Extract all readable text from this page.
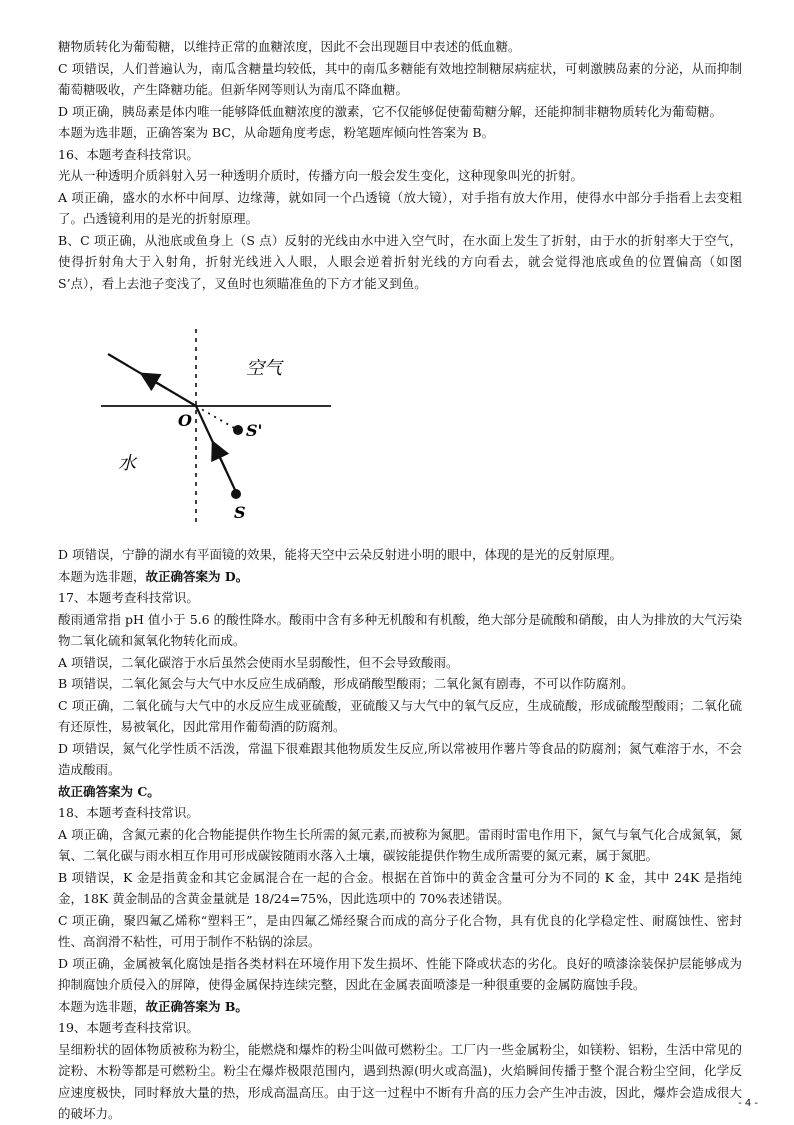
糖物质转化为葡萄糖，以维持正常的血糖浓度，因此不会出现题目中表述的低血糖。

C 项错误，人们普遍认为，南瓜含糖量均较低，其中的南瓜多糖能有效地控制糖尿病症状，可刺激胰岛素的分泌，从而抑制葡萄糖吸收，产生降糖功能。但新华网等则认为南瓜不降血糖。

D 项正确，胰岛素是体内唯一能够降低血糖浓度的激素，它不仅能够促使葡萄糖分解，还能抑制非糖物质转化为葡萄糖。

本题为选非题，正确答案为 BC，从命题角度考虑，粉笔题库倾向性答案为 B。

16、本题考查科技常识。

光从一种透明介质斜射入另一种透明介质时，传播方向一般会发生变化，这种现象叫光的折射。

A 项正确，盛水的水杯中间厚、边缘薄，就如同一个凸透镜（放大镜），对手指有放大作用，使得水中部分手指看上去变粗了。凸透镜利用的是光的折射原理。

B、C 项正确，从池底或鱼身上（S 点）反射的光线由水中进入空气时，在水面上发生了折射，由于水的折射率大于空气，使得折射角大于入射角，折射光线进入人眼，人眼会逆着折射光线的方向看去，就会觉得池底或鱼的位置偏高（如图 S’点），看上去池子变浅了，叉鱼时也须瞄准鱼的下方才能叉到鱼。

空气
水
O
S'
S

D 项错误，宁静的湖水有平面镜的效果，能将天空中云朵反射进小明的眼中，体现的是光的反射原理。

本题为选非题，故正确答案为 D。

17、本题考查科技常识。

酸雨通常指 pH 值小于 5.6 的酸性降水。酸雨中含有多种无机酸和有机酸，绝大部分是硫酸和硝酸，由人为排放的大气污染物二氧化硫和氮氧化物转化而成。

A 项错误，二氧化碳溶于水后虽然会使雨水呈弱酸性，但不会导致酸雨。

B 项错误，二氧化氮会与大气中水反应生成硝酸，形成硝酸型酸雨；二氧化氮有剧毒，不可以作防腐剂。

C 项正确，二氧化硫与大气中的水反应生成亚硫酸，亚硫酸又与大气中的氧气反应，生成硫酸，形成硫酸型酸雨；二氧化硫有还原性，易被氧化，因此常用作葡萄酒的防腐剂。

D 项错误，氮气化学性质不活泼，常温下很难跟其他物质发生反应,所以常被用作薯片等食品的防腐剂；氮气难溶于水，不会造成酸雨。

故正确答案为 C。

18、本题考查科技常识。

A 项正确，含氮元素的化合物能提供作物生长所需的氮元素,而被称为氮肥。雷雨时雷电作用下，氮气与氧气化合成氮氧，氮氧、二氧化碳与雨水相互作用可形成碳铵随雨水落入土壤，碳铵能提供作物生成所需要的氮元素，属于氮肥。

B 项错误，K 金是指黄金和其它金属混合在一起的合金。根据在首饰中的黄金含量可分为不同的 K 金，其中 24K 是指纯金，18K 黄金制品的含黄金量就是 18/24=75%，因此选项中的 70%表述错误。

C 项正确，聚四氟乙烯称“塑料王”，是由四氟乙烯经聚合而成的高分子化合物，具有优良的化学稳定性、耐腐蚀性、密封性、高润滑不粘性，可用于制作不粘锅的涂层。

D 项正确，金属被氧化腐蚀是指各类材料在环境作用下发生损坏、性能下降或状态的劣化。良好的喷漆涂装保护层能够成为抑制腐蚀介质侵入的屏障，使得金属保持连续完整，因此在金属表面喷漆是一种很重要的金属防腐蚀手段。

本题为选非题，故正确答案为 B。

19、本题考查科技常识。

呈细粉状的固体物质被称为粉尘，能燃烧和爆炸的粉尘叫做可燃粉尘。工厂内一些金属粉尘，如镁粉、铝粉，生活中常见的淀粉、木粉等都是可燃粉尘。粉尘在爆炸极限范围内，遇到热源(明火或高温)，火焰瞬间传播于整个混合粉尘空间，化学反应速度极快，同时释放大量的热，形成高温高压。由于这一过程中不断有升高的压力会产生冲击波，因此，爆炸会造成很大的破坏力。

- 4 -
